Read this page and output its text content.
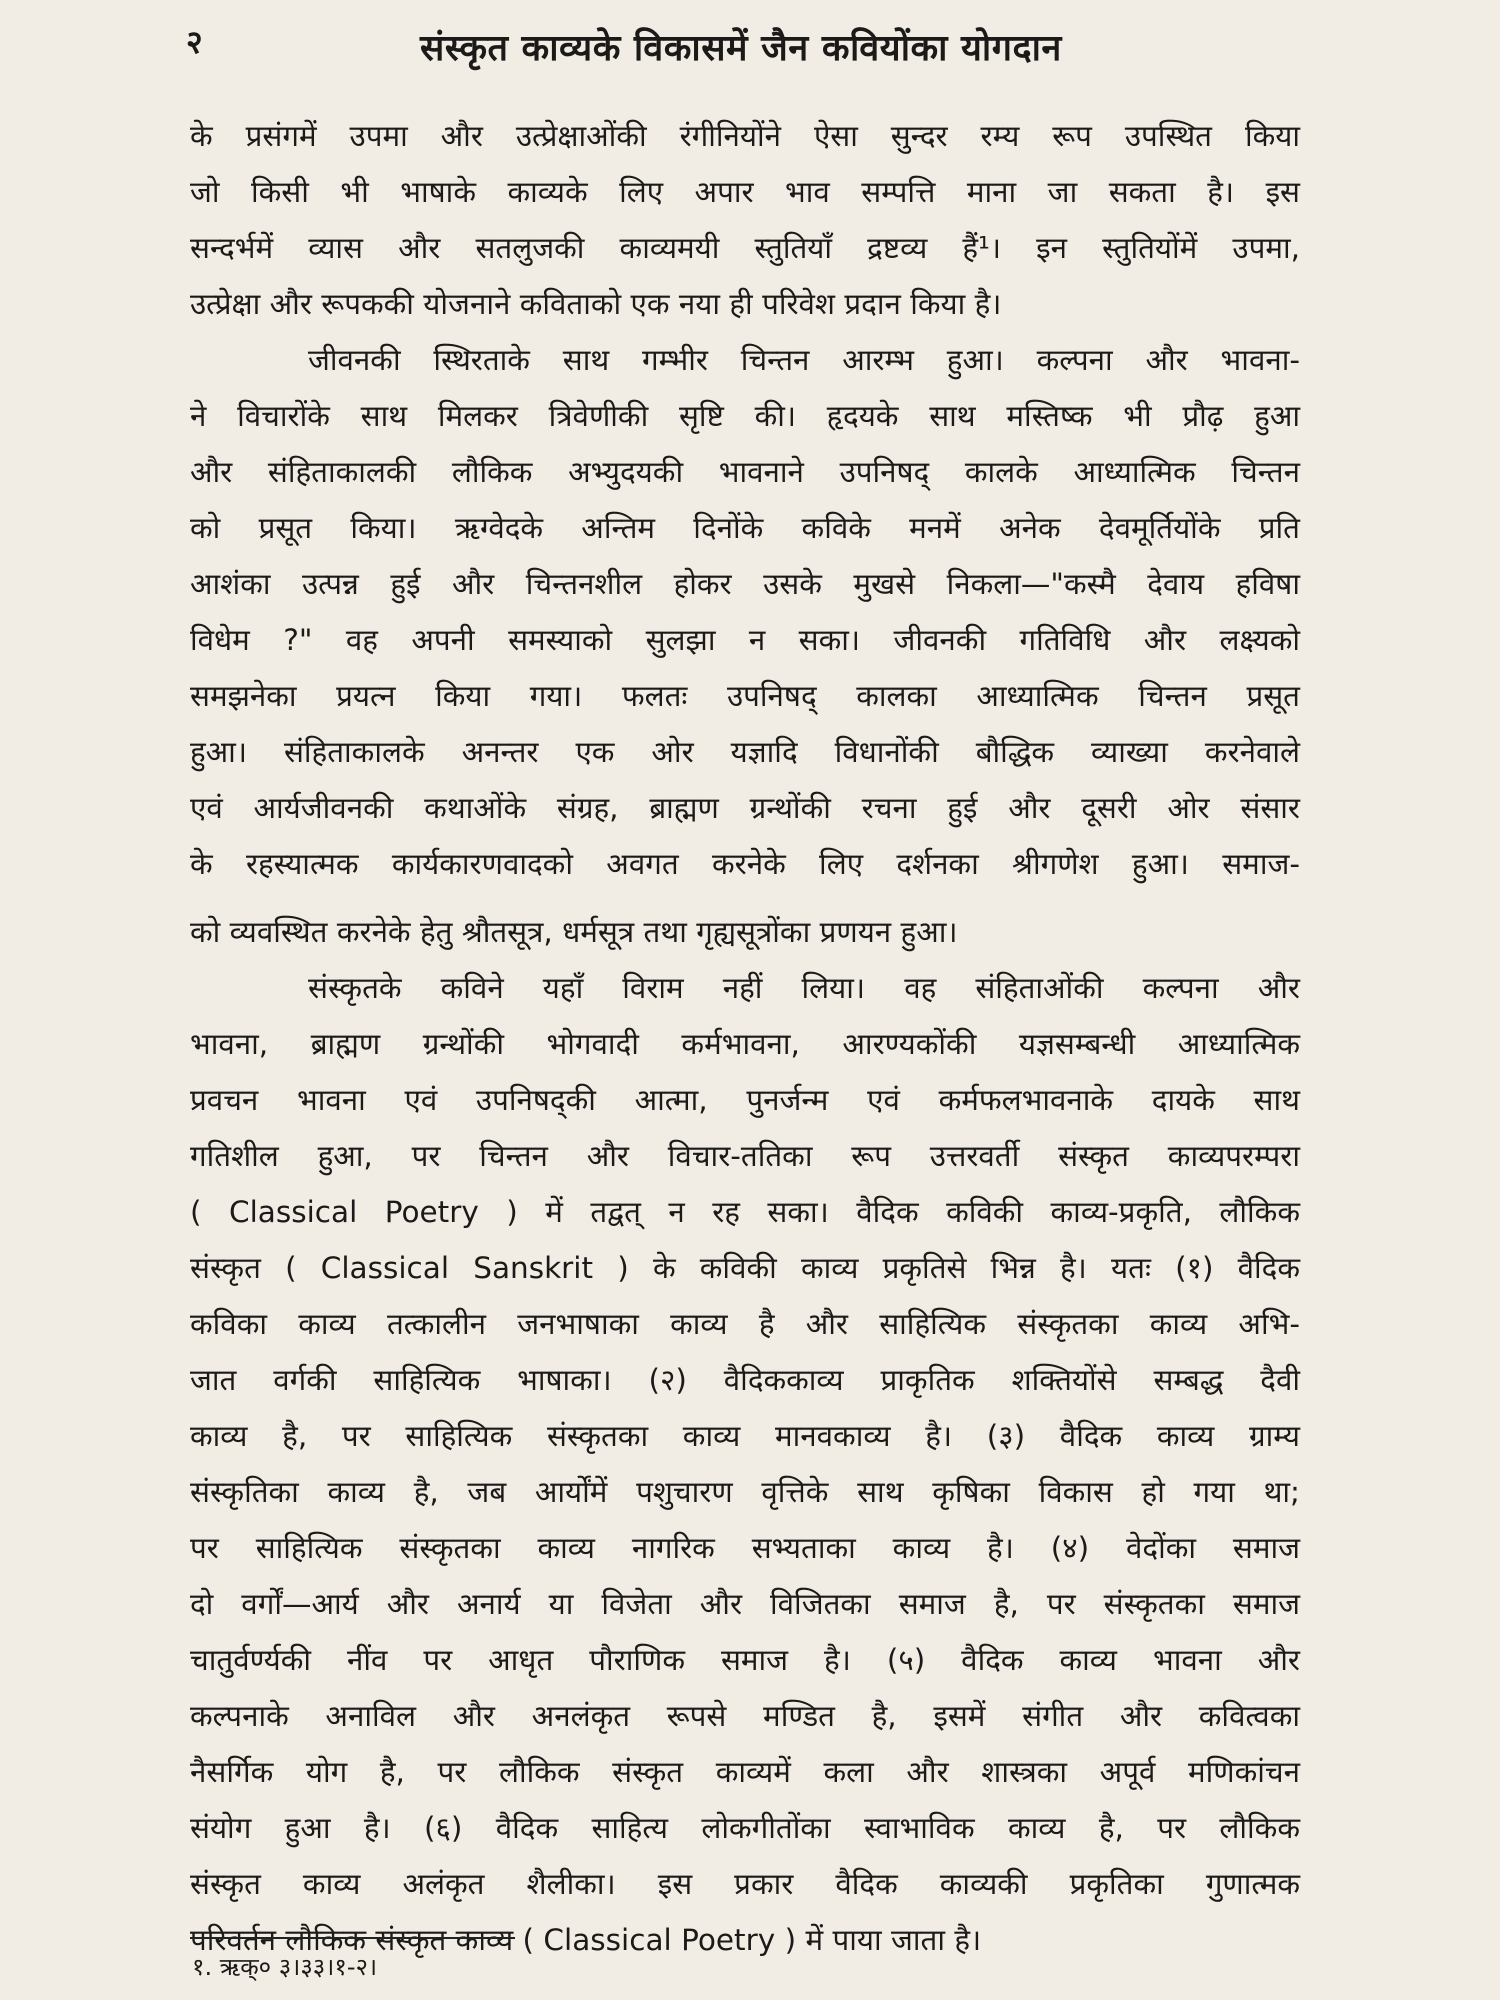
२	संस्कृत काव्यके विकासमें जैन कवियोंका योगदान
के प्रसंगमें उपमा और उत्प्रेक्षाओंकी रंगीनियोंने ऐसा सुन्दर रम्य रूप उपस्थित किया
जो किसी भी भाषाके काव्यके लिए अपार भाव सम्पत्ति माना जा सकता है। इस
सन्दर्भमें व्यास और सतलुजकी काव्यमयी स्तुतियाँ द्रष्टव्य हैं¹। इन स्तुतियोंमें उपमा,
उत्प्रेक्षा और रूपककी योजनाने कविताको एक नया ही परिवेश प्रदान किया है।
जीवनकी स्थिरताके साथ गम्भीर चिन्तन आरम्भ हुआ। कल्पना और भावना-
ने विचारोंके साथ मिलकर त्रिवेणीकी सृष्टि की। हृदयके साथ मस्तिष्क भी प्रौढ़ हुआ
और संहिताकालकी लौकिक अभ्युदयकी भावनाने उपनिषद् कालके आध्यात्मिक चिन्तन
को प्रसूत किया। ऋग्वेदके अन्तिम दिनोंके कविके मनमें अनेक देवमूर्तियोंके प्रति
आशंका उत्पन्न हुई और चिन्तनशील होकर उसके मुखसे निकला—"कस्मै देवाय हविषा
विधेम ?" वह अपनी समस्याको सुलझा न सका। जीवनकी गतिविधि और लक्ष्यको
समझनेका प्रयत्न किया गया। फलतः उपनिषद् कालका आध्यात्मिक चिन्तन प्रसूत
हुआ। संहिताकालके अनन्तर एक ओर यज्ञादि विधानोंकी बौद्धिक व्याख्या करनेवाले
एवं आर्यजीवनकी कथाओंके संग्रह, ब्राह्मण ग्रन्थोंकी रचना हुई और दूसरी ओर संसार
के रहस्यात्मक कार्यकारणवादको अवगत करनेके लिए दर्शनका श्रीगणेश हुआ। समाज-
को व्यवस्थित करनेके हेतु श्रौतसूत्र, धर्मसूत्र तथा गृह्यसूत्रोंका प्रणयन हुआ।
संस्कृतके कविने यहाँ विराम नहीं लिया। वह संहिताओंकी कल्पना और
भावना, ब्राह्मण ग्रन्थोंकी भोगवादी कर्मभावना, आरण्यकोंकी यज्ञसम्बन्धी आध्यात्मिक
प्रवचन भावना एवं उपनिषद्की आत्मा, पुनर्जन्म एवं कर्मफलभावनाके दायके साथ
गतिशील हुआ, पर चिन्तन और विचार-ततिका रूप उत्तरवर्ती संस्कृत काव्यपरम्परा
( Classical Poetry ) में तद्वत् न रह सका। वैदिक कविकी काव्य-प्रकृति, लौकिक
संस्कृत ( Classical Sanskrit ) के कविकी काव्य प्रकृतिसे भिन्न है। यतः (१) वैदिक
कविका काव्य तत्कालीन जनभाषाका काव्य है और साहित्यिक संस्कृतका काव्य अभि-
जात वर्गकी साहित्यिक भाषाका। (२) वैदिककाव्य प्राकृतिक शक्तियोंसे सम्बद्ध दैवी
काव्य है, पर साहित्यिक संस्कृतका काव्य मानवकाव्य है। (३) वैदिक काव्य ग्राम्य
संस्कृतिका काव्य है, जब आर्योंमें पशुचारण वृत्तिके साथ कृषिका विकास हो गया था;
पर साहित्यिक संस्कृतका काव्य नागरिक सभ्यताका काव्य है। (४) वेदोंका समाज
दो वर्गों—आर्य और अनार्य या विजेता और विजितका समाज है, पर संस्कृतका समाज
चातुर्वर्ण्यकी नींव पर आधृत पौराणिक समाज है। (५) वैदिक काव्य भावना और
कल्पनाके अनाविल और अनलंकृत रूपसे मण्डित है, इसमें संगीत और कवित्वका
नैसर्गिक योग है, पर लौकिक संस्कृत काव्यमें कला और शास्त्रका अपूर्व मणिकांचन
संयोग हुआ है। (६) वैदिक साहित्य लोकगीतोंका स्वाभाविक काव्य है, पर लौकिक
संस्कृत काव्य अलंकृत शैलीका। इस प्रकार वैदिक काव्यकी प्रकृतिका गुणात्मक
परिवर्तन लौकिक संस्कृत काव्य ( Classical Poetry ) में पाया जाता है।
१. ऋक्० ३।३३।१-२।
